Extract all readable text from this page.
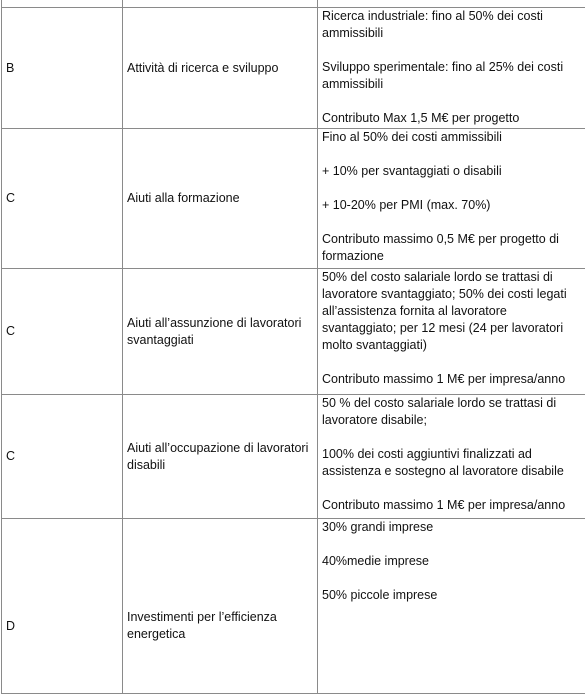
B	Attività di ricerca e sviluppo	Ricerca industriale: fino al 50% dei costi ammissibili

Sviluppo sperimentale: fino al 25% dei costi ammissibili

Contributo Max 1,5 M€ per progetto

C	Aiuti alla formazione	Fino al 50% dei costi ammissibili

+ 10% per svantaggiati o disabili

+ 10-20% per PMI (max. 70%)

Contributo massimo 0,5 M€ per progetto di formazione

C	Aiuti all’assunzione di lavoratori svantaggiati	50% del costo salariale lordo se trattasi di lavoratore svantaggiato; 50% dei costi legati all’assistenza fornita al lavoratore svantaggiato; per 12 mesi (24 per lavoratori molto svantaggiati)

Contributo massimo 1 M€ per impresa/anno

C	Aiuti all’occupazione di lavoratori disabili	50 % del costo salariale lordo se trattasi di lavoratore disabile;

100% dei costi aggiuntivi finalizzati ad assistenza e sostegno al lavoratore disabile

Contributo massimo 1 M€ per impresa/anno

D	Investimenti per l’efficienza energetica	30% grandi imprese

40%medie imprese

50% piccole imprese
